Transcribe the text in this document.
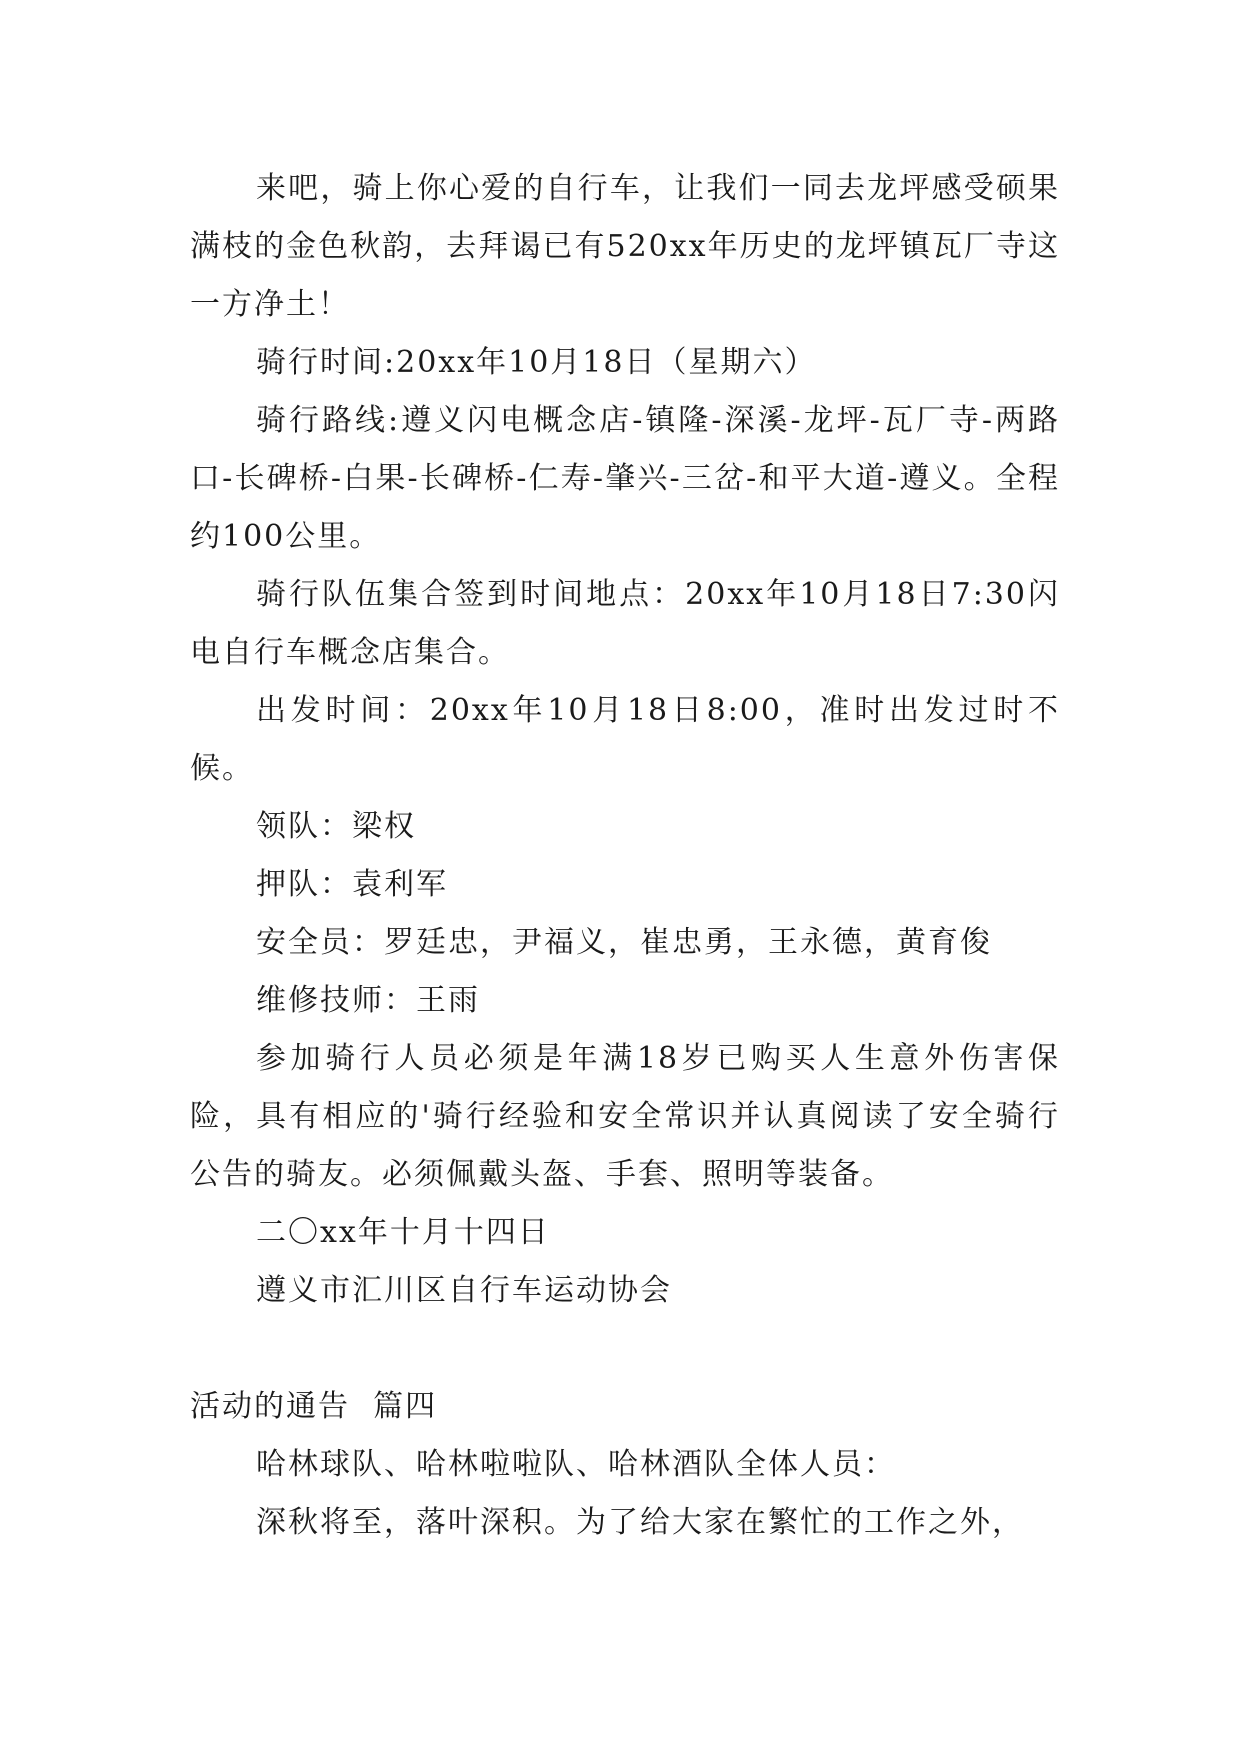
来吧，骑上你心爱的自行车，让我们一同去龙坪感受硕果满枝的金色秋韵，去拜谒已有520xx年历史的龙坪镇瓦厂寺这一方净土！

骑行时间:20xx年10月18日（星期六）

骑行路线:遵义闪电概念店-镇隆-深溪-龙坪-瓦厂寺-两路口-长碑桥-白果-长碑桥-仁寿-肇兴-三岔-和平大道-遵义。全程约100公里。

骑行队伍集合签到时间地点：20xx年10月18日7:30闪电自行车概念店集合。

出发时间：20xx年10月18日8:00，准时出发过时不候。

领队：梁权

押队：袁利军

安全员：罗廷忠，尹福义，崔忠勇，王永德，黄育俊

维修技师：王雨

参加骑行人员必须是年满18岁已购买人生意外伤害保险，具有相应的'骑行经验和安全常识并认真阅读了安全骑行公告的骑友。必须佩戴头盔、手套、照明等装备。

二〇xx年十月十四日

遵义市汇川区自行车运动协会

活动的通告  篇四

哈林球队、哈林啦啦队、哈林酒队全体人员：

深秋将至，落叶深积。为了给大家在繁忙的工作之外，
